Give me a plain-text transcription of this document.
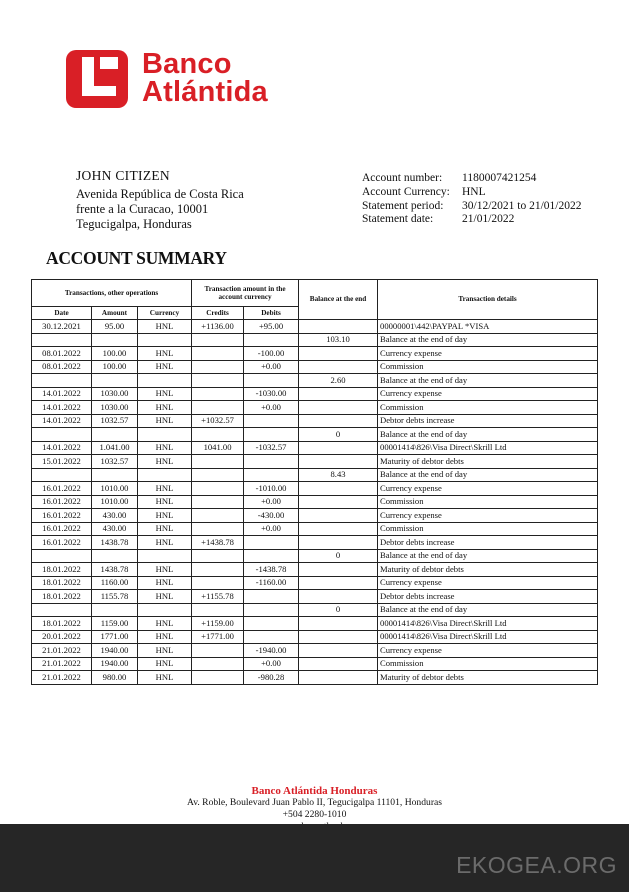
Banco
Atlántida
JOHN CITIZEN
Avenida República de Costa Rica
frente a la Curacao, 10001
Tegucigalpa, Honduras
Account number:	1180007421254
Account Currency:	HNL
Statement period:	30/12/2021 to 21/01/2022
Statement date:	21/01/2022
ACCOUNT SUMMARY
Transactions, other operations			Transaction amount in the account currency		Balance at the end	Transaction details
Date	Amount	Currency	Credits	Debits		
30.12.2021	95.00	HNL	+1136.00	+95.00		00000001\442\PAYPAL *VISA
					103.10	Balance at the end of day
08.01.2022	100.00	HNL		-100.00		Currency expense
08.01.2022	100.00	HNL		+0.00		Commission
					2.60	Balance at the end of day
14.01.2022	1030.00	HNL		-1030.00		Currency expense
14.01.2022	1030.00	HNL		+0.00		Commission
14.01.2022	1032.57	HNL	+1032.57			Debtor debts increase
					0	Balance at the end of day
14.01.2022	1.041.00	HNL	1041.00	-1032.57		00001414\826\Visa Direct\Skrill Ltd
15.01.2022	1032.57	HNL				Maturity of debtor debts
					8.43	Balance at the end of day
16.01.2022	1010.00	HNL		-1010.00		Currency expense
16.01.2022	1010.00	HNL		+0.00		Commission
16.01.2022	430.00	HNL		-430.00		Currency expense
16.01.2022	430.00	HNL		+0.00		Commission
16.01.2022	1438.78	HNL	+1438.78			Debtor debts increase
					0	Balance at the end of day
18.01.2022	1438.78	HNL		-1438.78		Maturity of debtor debts
18.01.2022	1160.00	HNL		-1160.00		Currency expense
18.01.2022	1155.78	HNL	+1155.78			Debtor debts increase
					0	Balance at the end of day
18.01.2022	1159.00	HNL	+1159.00			00001414\826\Visa Direct\Skrill Ltd
20.01.2022	1771.00	HNL	+1771.00			00001414\826\Visa Direct\Skrill Ltd
21.01.2022	1940.00	HNL		-1940.00		Currency expense
21.01.2022	1940.00	HNL		+0.00		Commission
21.01.2022	980.00	HNL		-980.28		Maturity of debtor debts
Banco Atlántida Honduras
Av. Roble, Boulevard Juan Pablo II, Tegucigalpa 11101, Honduras
+504 2280-1010
EKOGEA.ORG
